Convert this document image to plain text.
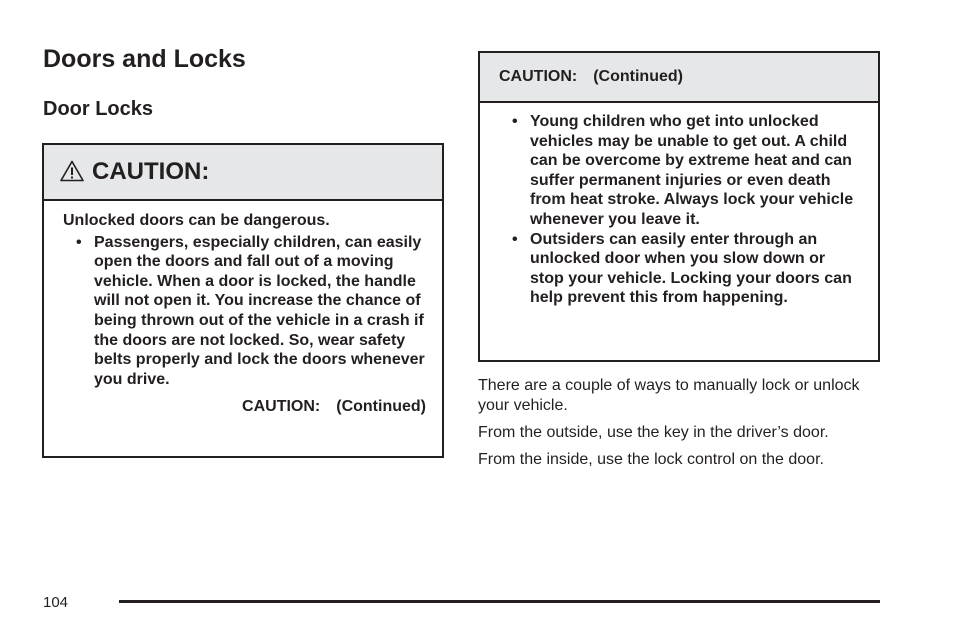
Doors and Locks
Door Locks
CAUTION:

Unlocked doors can be dangerous.

• Passengers, especially children, can easily open the doors and fall out of a moving vehicle. When a door is locked, the handle will not open it. You increase the chance of being thrown out of the vehicle in a crash if the doors are not locked. So, wear safety belts properly and lock the doors whenever you drive.
CAUTION: (Continued)
CAUTION: (Continued)
• Young children who get into unlocked vehicles may be unable to get out. A child can be overcome by extreme heat and can suffer permanent injuries or even death from heat stroke. Always lock your vehicle whenever you leave it.
• Outsiders can easily enter through an unlocked door when you slow down or stop your vehicle. Locking your doors can help prevent this from happening.

There are a couple of ways to manually lock or unlock your vehicle.

From the outside, use the key in the driver’s door.

From the inside, use the lock control on the door.

104
